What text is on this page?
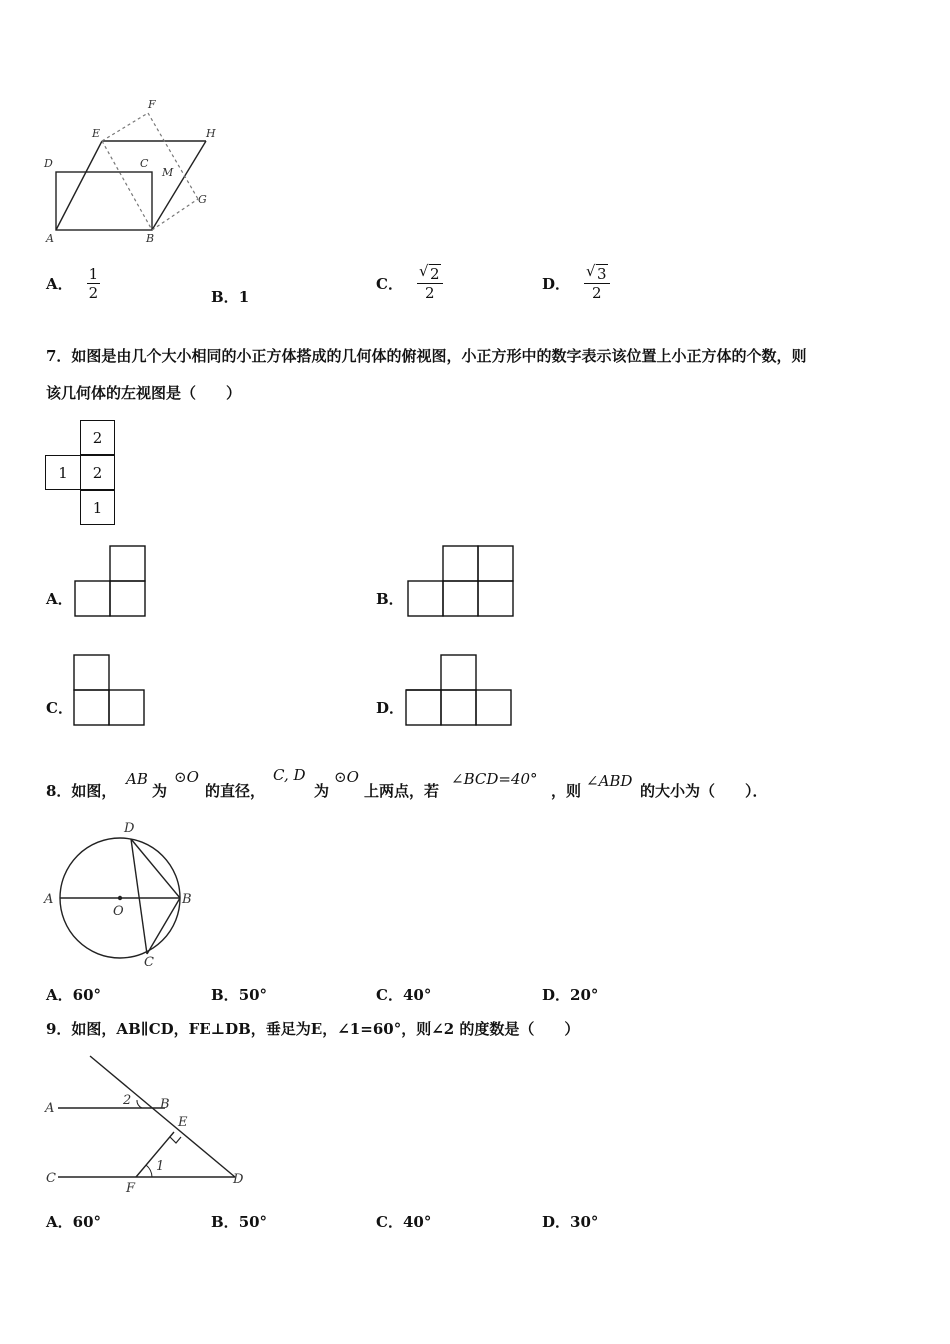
F
E	H
D	C
M
G
A	B
A． $\frac{1}{2}$	B．1
C． $\frac{√ 2}{2}$	D． $\frac{√ 3}{2}$
7．如图是由几个大小相同的小正方体搭成的几何体的俯视图，小正方形中的数字表示该位置上小正方体的个数，则
该几何体的左视图是（　　）
2
1	2
1
A．	B．
C．	D．
8．如图，
AB
为
⊙O
的直径，
C, D
为
⊙O
上两点，若
∠BCD=40°
，则
∠ABD
的大小为（　　）．
D
A
O
B
C
A．60°	B．50°	C．40°	D．20°
9．如图，AB∥CD，FE⊥DB，垂足为E，∠1=60°，则∠2 的度数是（　　）
A
2 B
E
1
C
F
D
A．60°	B．50°	C．40°	D．30°
